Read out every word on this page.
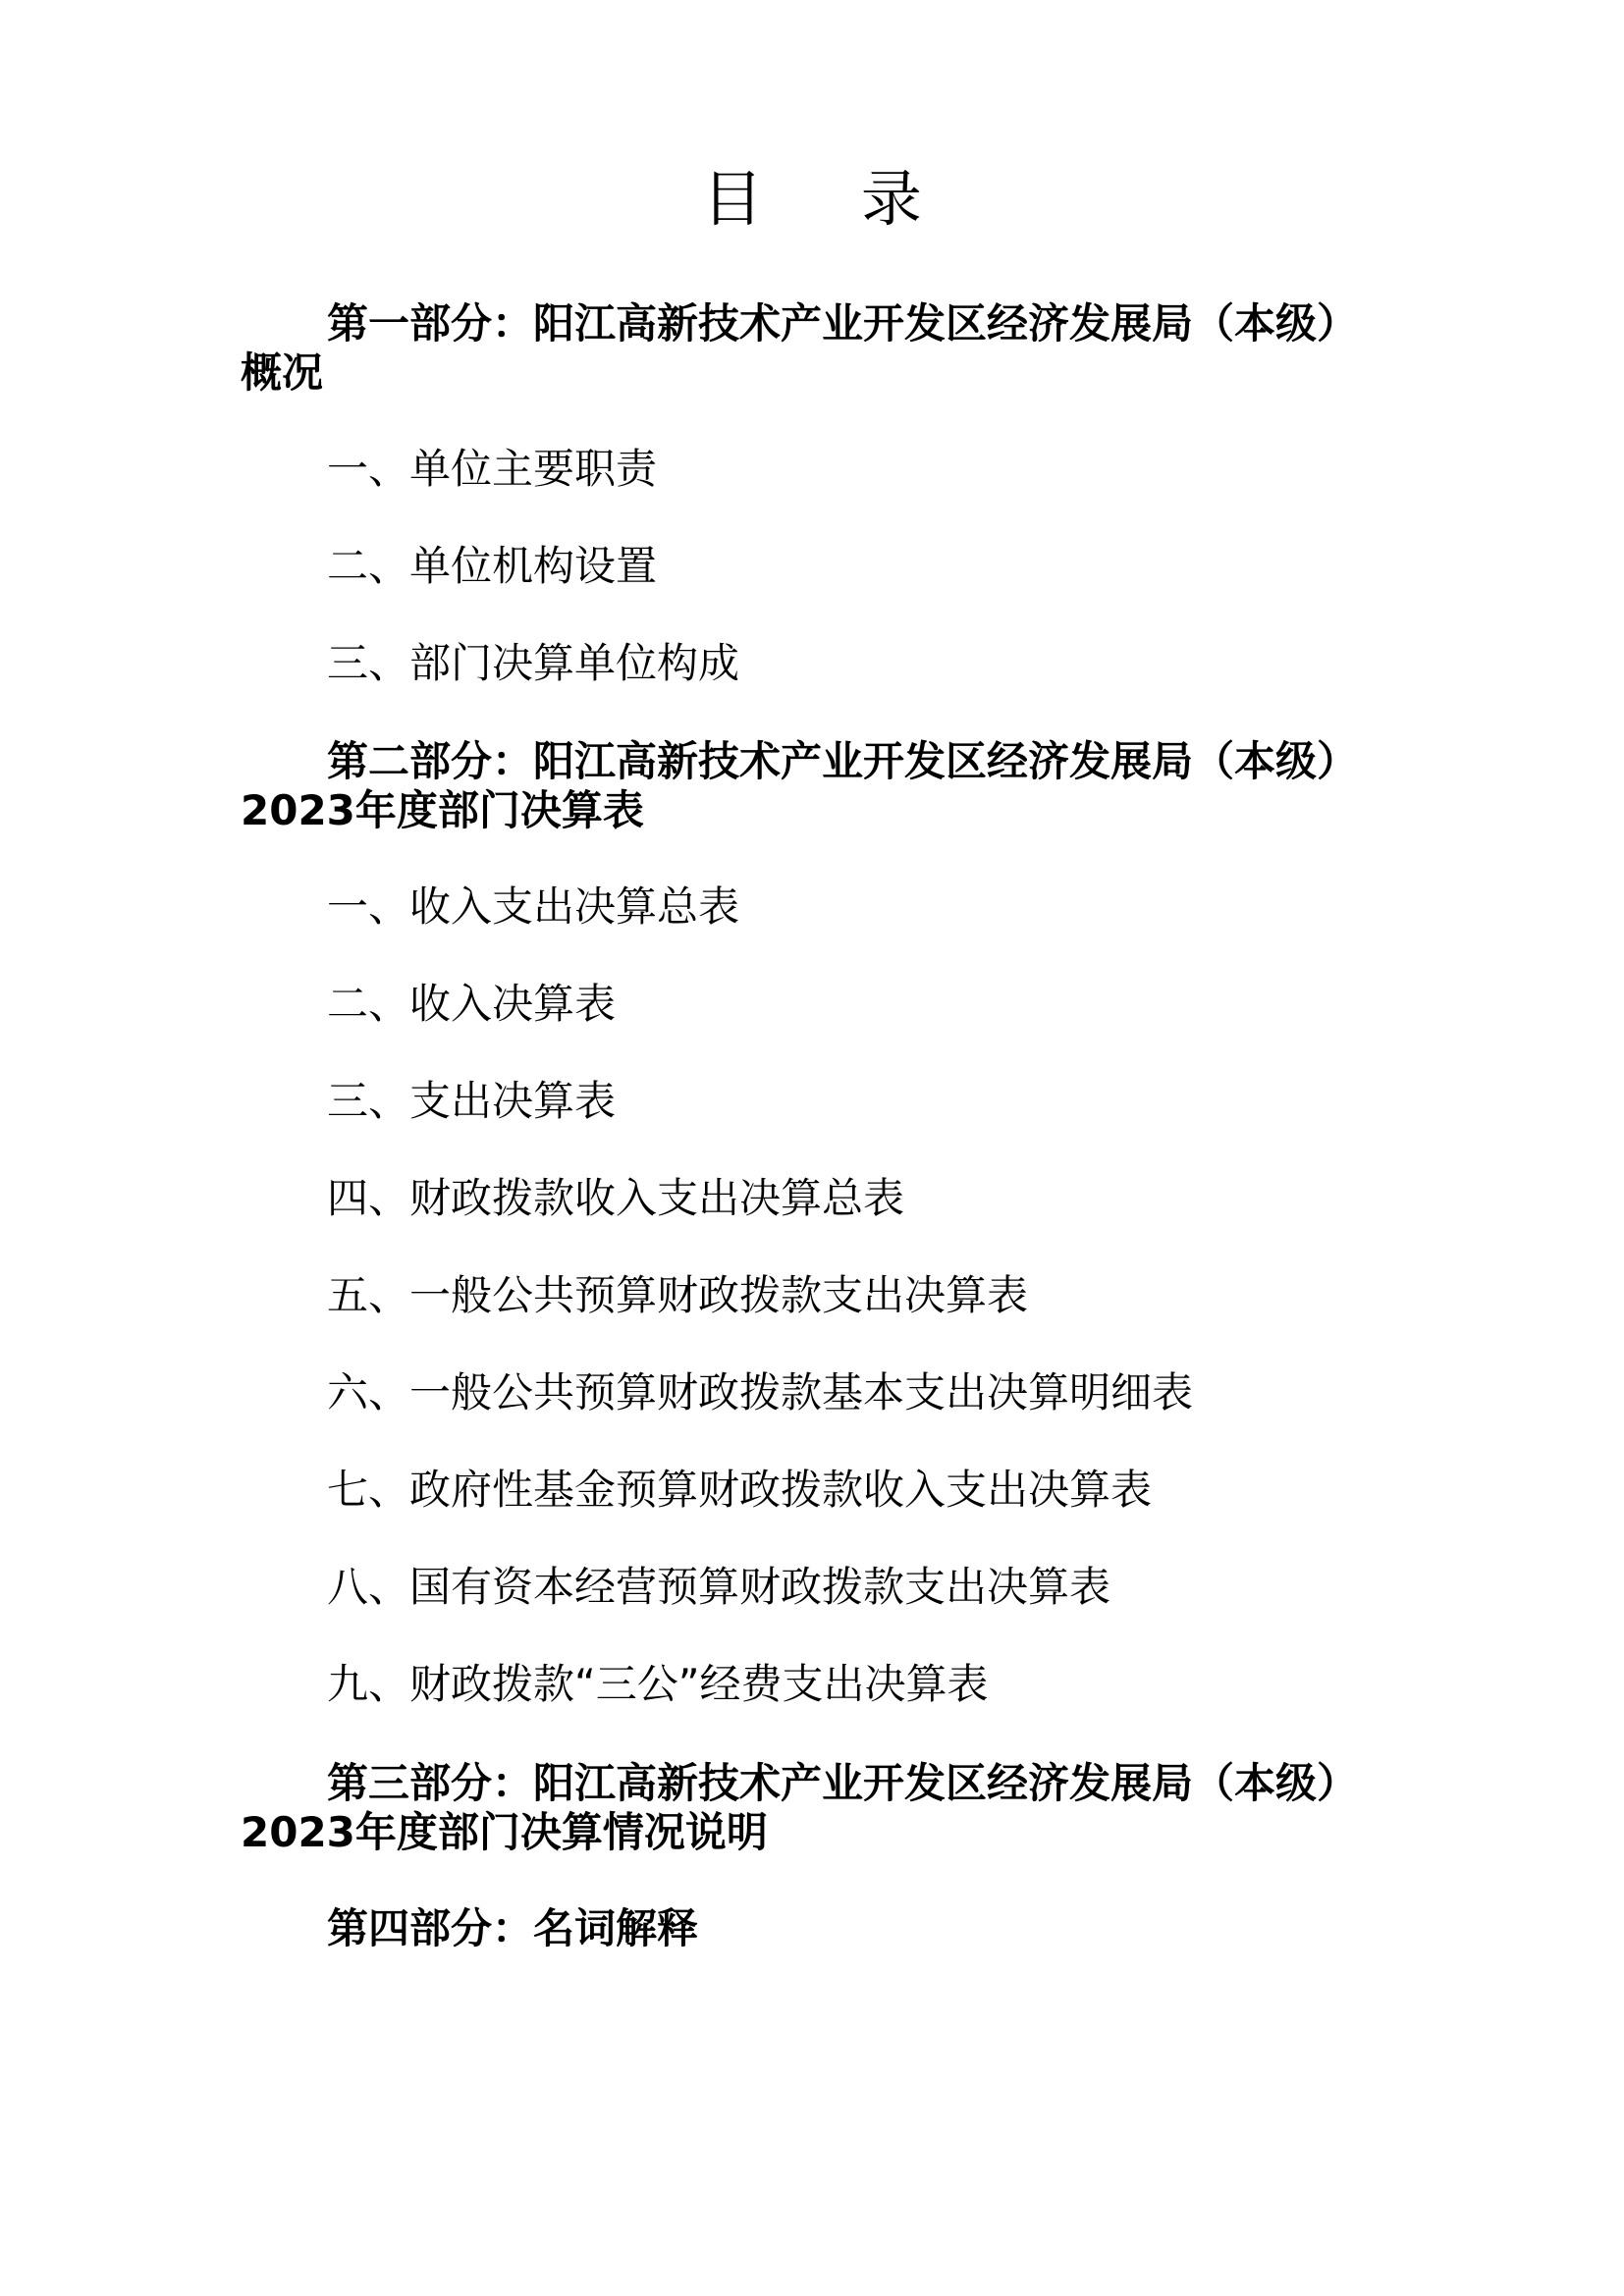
目 录
第一部分：阳江高新技术产业开发区经济发展局（本级）概况
一、单位主要职责
二、单位机构设置
三、部门决算单位构成
第二部分：阳江高新技术产业开发区经济发展局（本级）2023年度部门决算表
一、收入支出决算总表
二、收入决算表
三、支出决算表
四、财政拨款收入支出决算总表
五、一般公共预算财政拨款支出决算表
六、一般公共预算财政拨款基本支出决算明细表
七、政府性基金预算财政拨款收入支出决算表
八、国有资本经营预算财政拨款支出决算表
九、财政拨款“三公”经费支出决算表
第三部分：阳江高新技术产业开发区经济发展局（本级）2023年度部门决算情况说明
第四部分：名词解释
